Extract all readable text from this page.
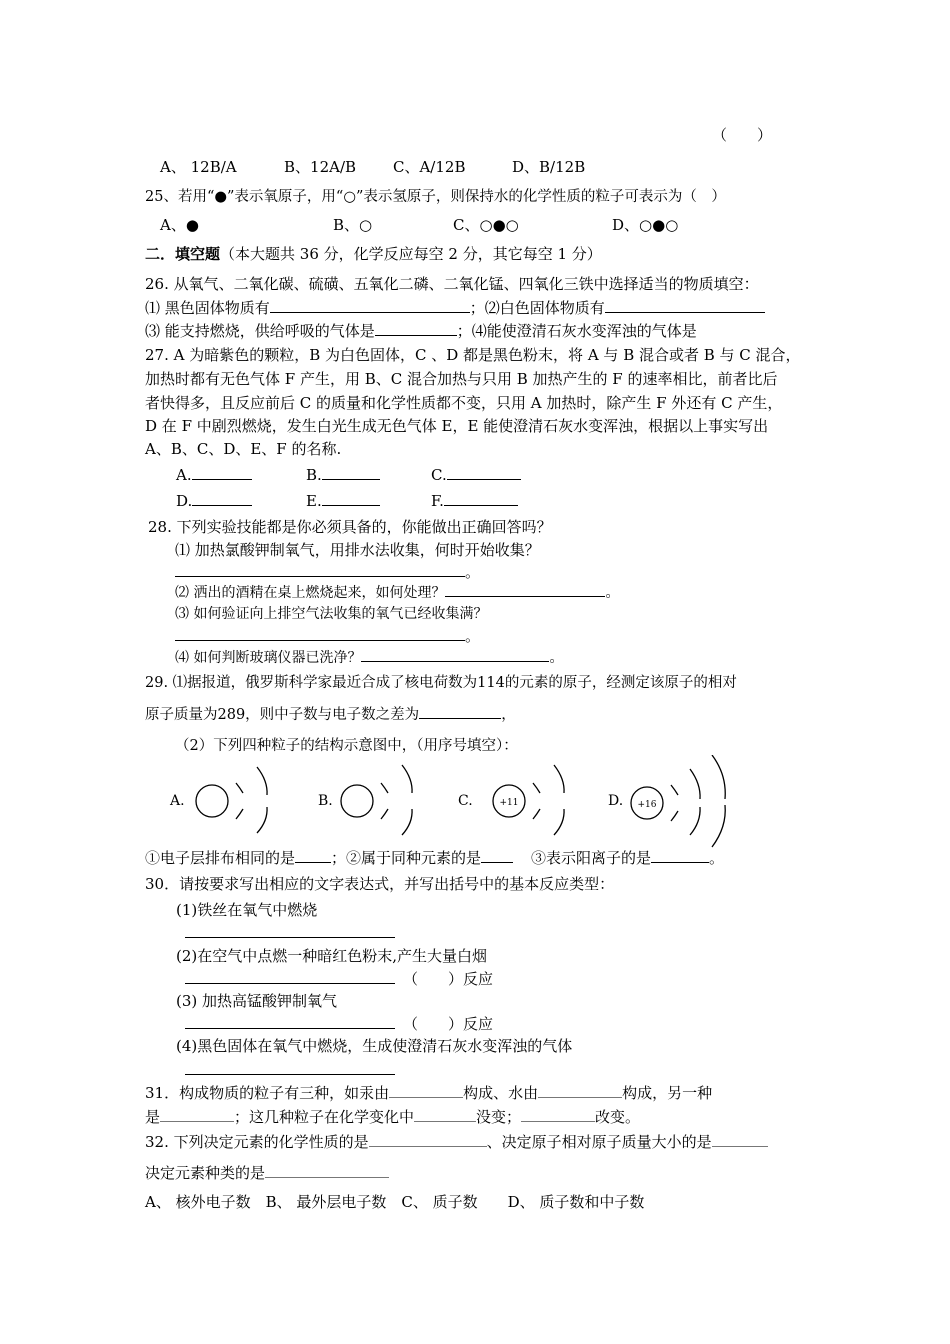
（　　）
A、 12B/A	B、12A/B C、A/12B	D、B/12B
25、若用“●”表示氧原子，用“○”表示氢原子，则保持水的化学性质的粒子可表示为（　）
A、●	B、○	C、○●○	D、○●○
二．填空题（本大题共 36 分，化学反应每空 2 分，其它每空 1 分）
26. 从氧气、二氧化碳、硫磺、五氧化二磷、二氧化锰、四氧化三铁中选择适当的物质填空：
⑴ 黑色固体物质有	；⑵白色固体物质有
⑶ 能支持燃烧，供给呼吸的气体是	；⑷能使澄清石灰水变浑浊的气体是
27. A 为暗紫色的颗粒，B 为白色固体，C 、D 都是黑色粉末，将 A 与 B 混合或者 B 与 C 混合，
加热时都有无色气体 F 产生，用 B、C 混合加热与只用 B 加热产生的 F 的速率相比，前者比后
者快得多，且反应前后 C 的质量和化学性质都不变，只用 A 加热时，除产生 F 外还有 C 产生，
D 在 F 中剧烈燃烧，发生白光生成无色气体 E，E 能使澄清石灰水变浑浊，根据以上事实写出
A、B、C、D、E、F 的名称.
A.	B.	C.
D.	E.	F.
28. 下列实验技能都是你必须具备的，你能做出正确回答吗？
⑴ 加热氯酸钾制氧气，用排水法收集，何时开始收集？
。
⑵ 洒出的酒精在桌上燃烧起来，如何处理？	。
⑶ 如何验证向上排空气法收集的氧气已经收集满？
。
⑷ 如何判断玻璃仪器已洗净？	。
29. ⑴据报道，俄罗斯科学家最近合成了核电荷数为114的元素的原子，经测定该原子的相对
原子质量为289，则中子数与电子数之差为	，
（2）下列四种粒子的结构示意图中，（用序号填空）：
A.	B.	C.	D.
+11	+16
①电子层排布相同的是 ；②属于同种元素的是	③表示阳离子的是	。
30．请按要求写出相应的文字表达式，并写出括号中的基本反应类型：
(1)铁丝在氧气中燃烧
(2)在空气中点燃一种暗红色粉末,产生大量白烟
（　　）反应
(3) 加热高锰酸钾制氧气
（　　）反应
(4)黑色固体在氧气中燃烧，生成使澄清石灰水变浑浊的气体
31．构成物质的粒子有三种，如汞由	构成、水由	构成，另一种
是	；这几种粒子在化学变化中	没变；	改变。
32. 下列决定元素的化学性质的是	、决定原子相对原子质量大小的是
决定元素种类的是
A、 核外电子数　B、 最外层电子数　C、 质子数　　D、 质子数和中子数
